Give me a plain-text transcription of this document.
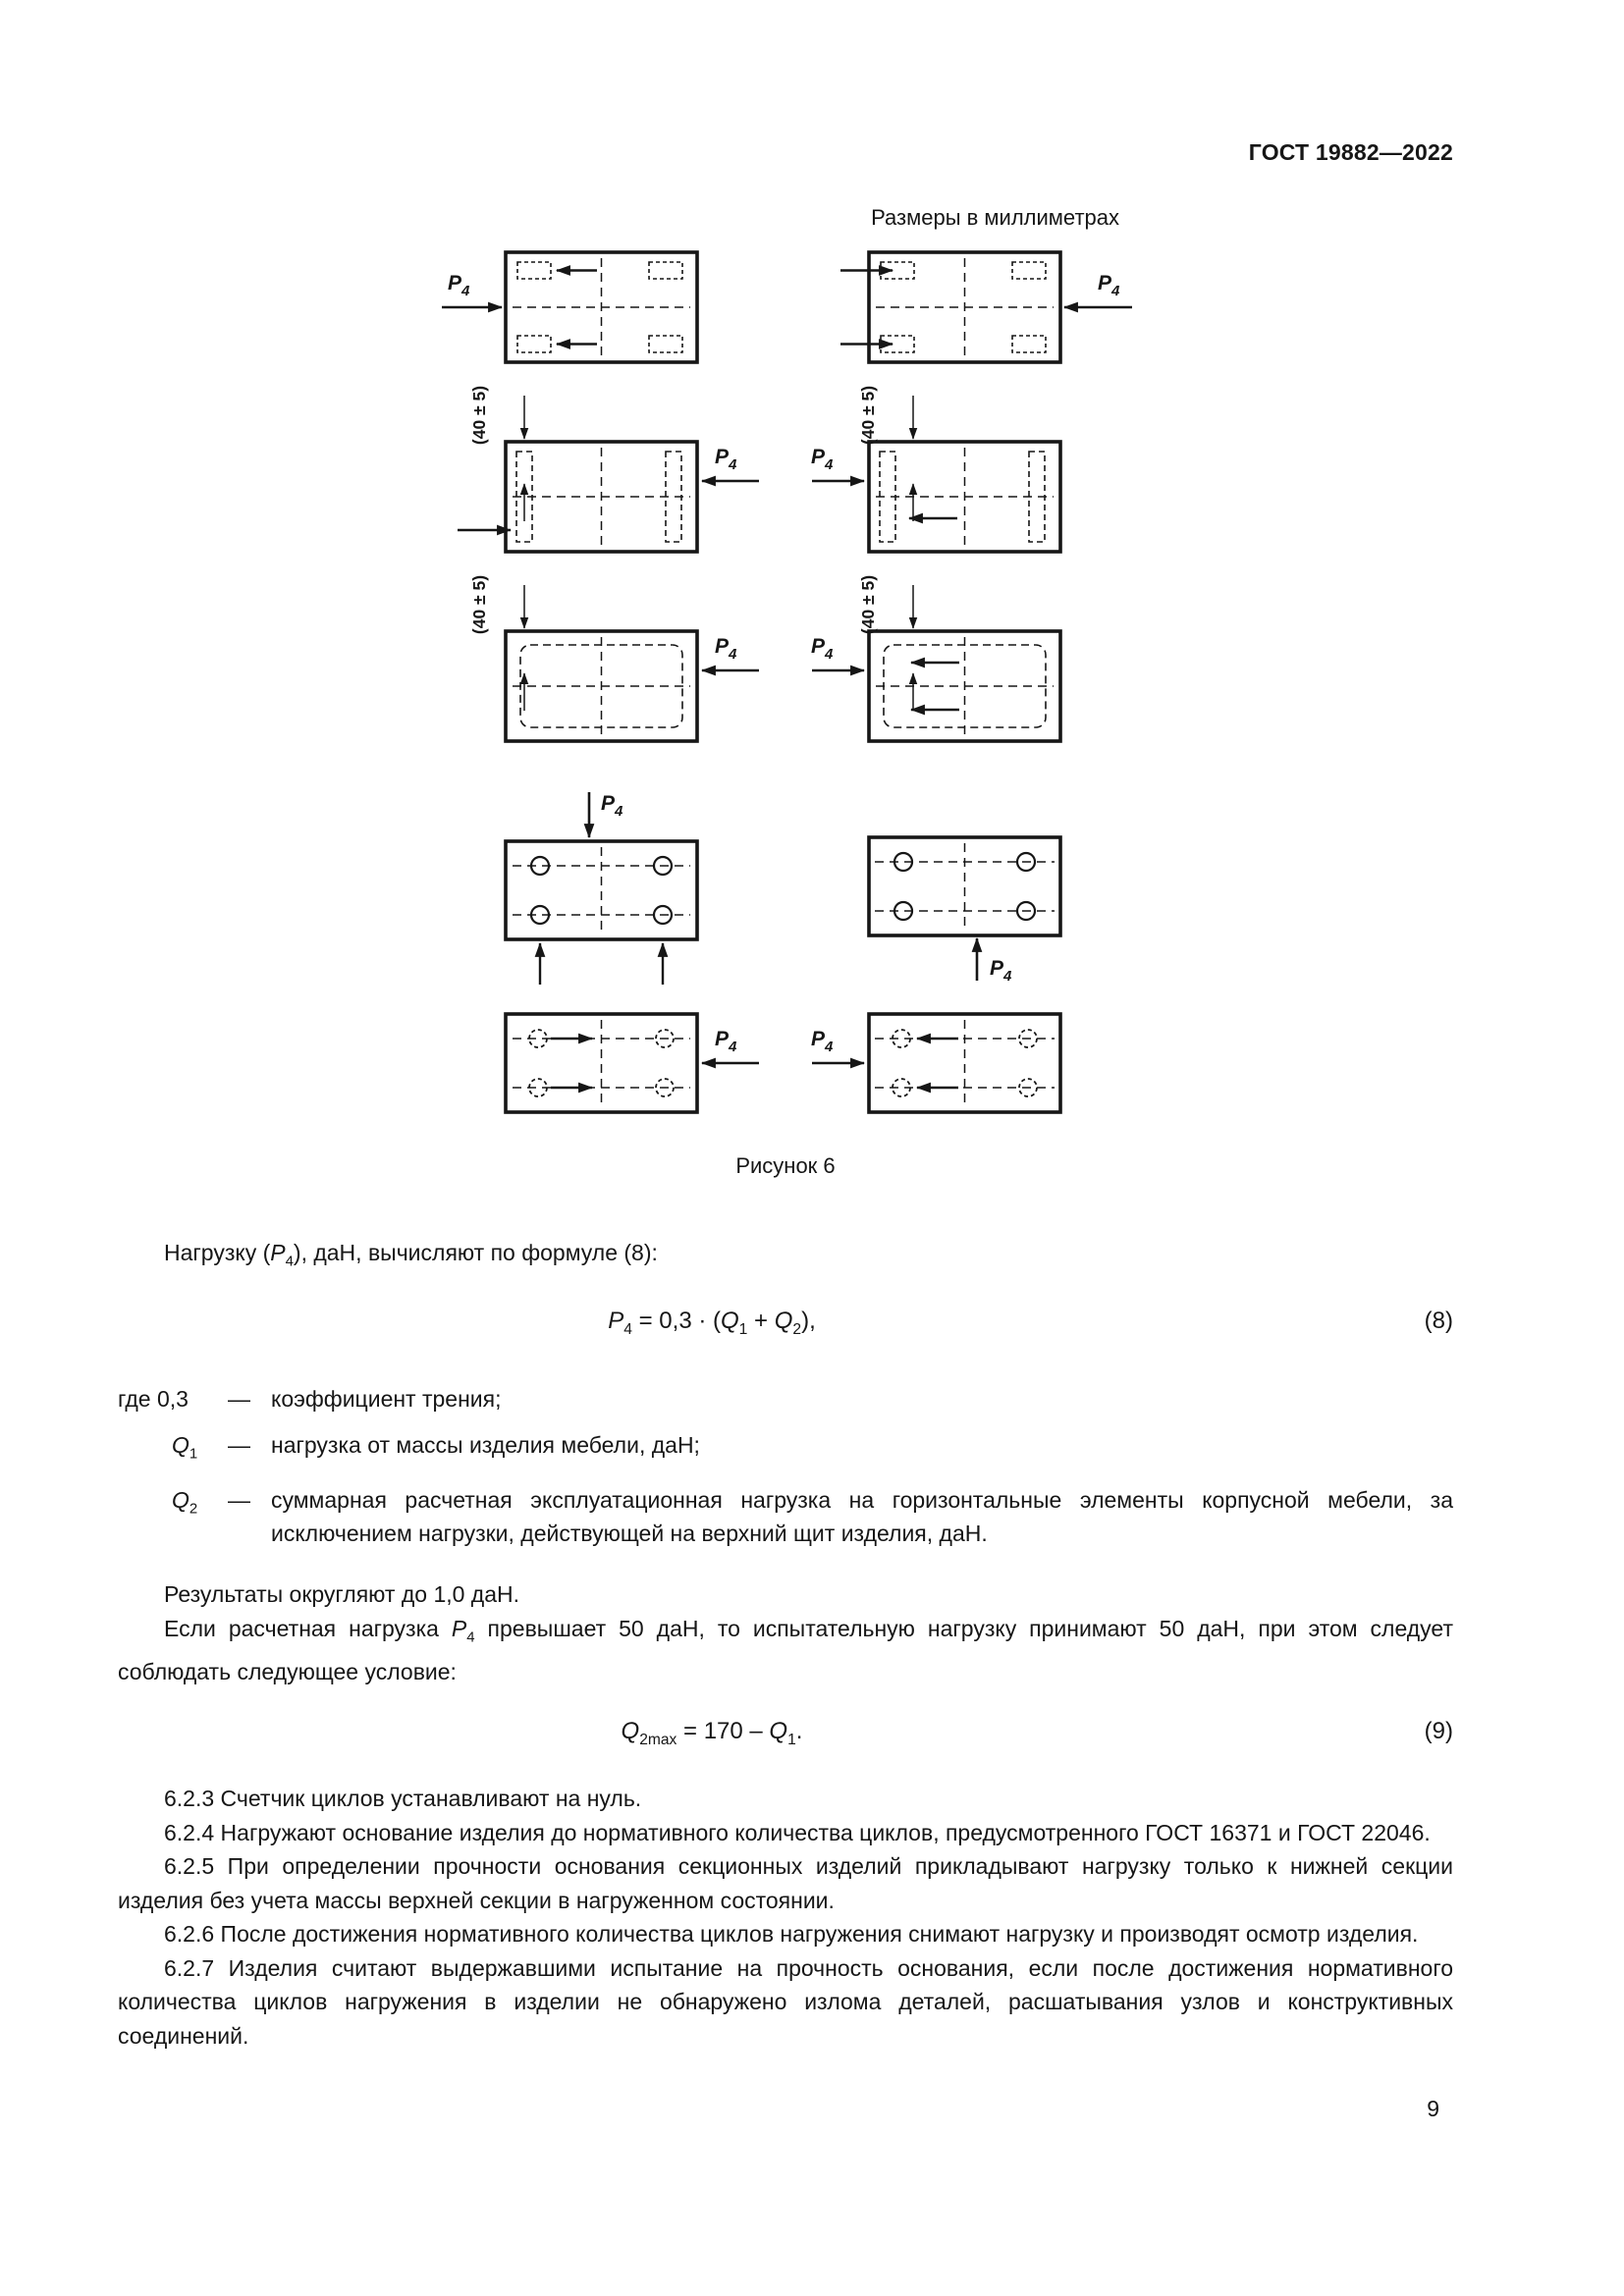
ГОСТ 19882—2022
Размеры в миллиметрах
$P_4$	$P_4$
(40 ± 5)
$P_4$
(40 ± 5)
$P_4$
(40 ± 5)
$P_4$
(40 ± 5)
$P_4$
$P_4$
$P_4$
$P_4$	$P_4$
Рисунок 6

Нагрузку $(P_4)$, даН, вычисляют по формуле (8):

$P_4 = 0,3 \cdot (Q_1 + Q_2)$,	(8)
где 0,3	— коэффициент трения;
$Q_1$	— нагрузка от массы изделия мебели, даН;
$Q_2$	— суммарная расчетная эксплуатационная нагрузка на горизонтальные элементы корпусной мебели, за исключением нагрузки, действующей на верхний щит изделия, даН.

Результаты округляют до 1,0 даН.

Если расчетная нагрузка $P_4$ превышает 50 даН, то испытательную нагрузку принимают 50 даН, при этом следует соблюдать следующее условие:

$Q_{2max} = 170 - Q_1$.	(9)

6.2.3 Счетчик циклов устанавливают на нуль.

6.2.4 Нагружают основание изделия до нормативного количества циклов, предусмотренного ГОСТ 16371 и ГОСТ 22046.

6.2.5 При определении прочности основания секционных изделий прикладывают нагрузку только к нижней секции изделия без учета массы верхней секции в нагруженном состоянии.

6.2.6 После достижения нормативного количества циклов нагружения снимают нагрузку и производят осмотр изделия.

6.2.7 Изделия считают выдержавшими испытание на прочность основания, если после достижения нормативного количества циклов нагружения в изделии не обнаружено излома деталей, расшатывания узлов и конструктивных соединений.

9
